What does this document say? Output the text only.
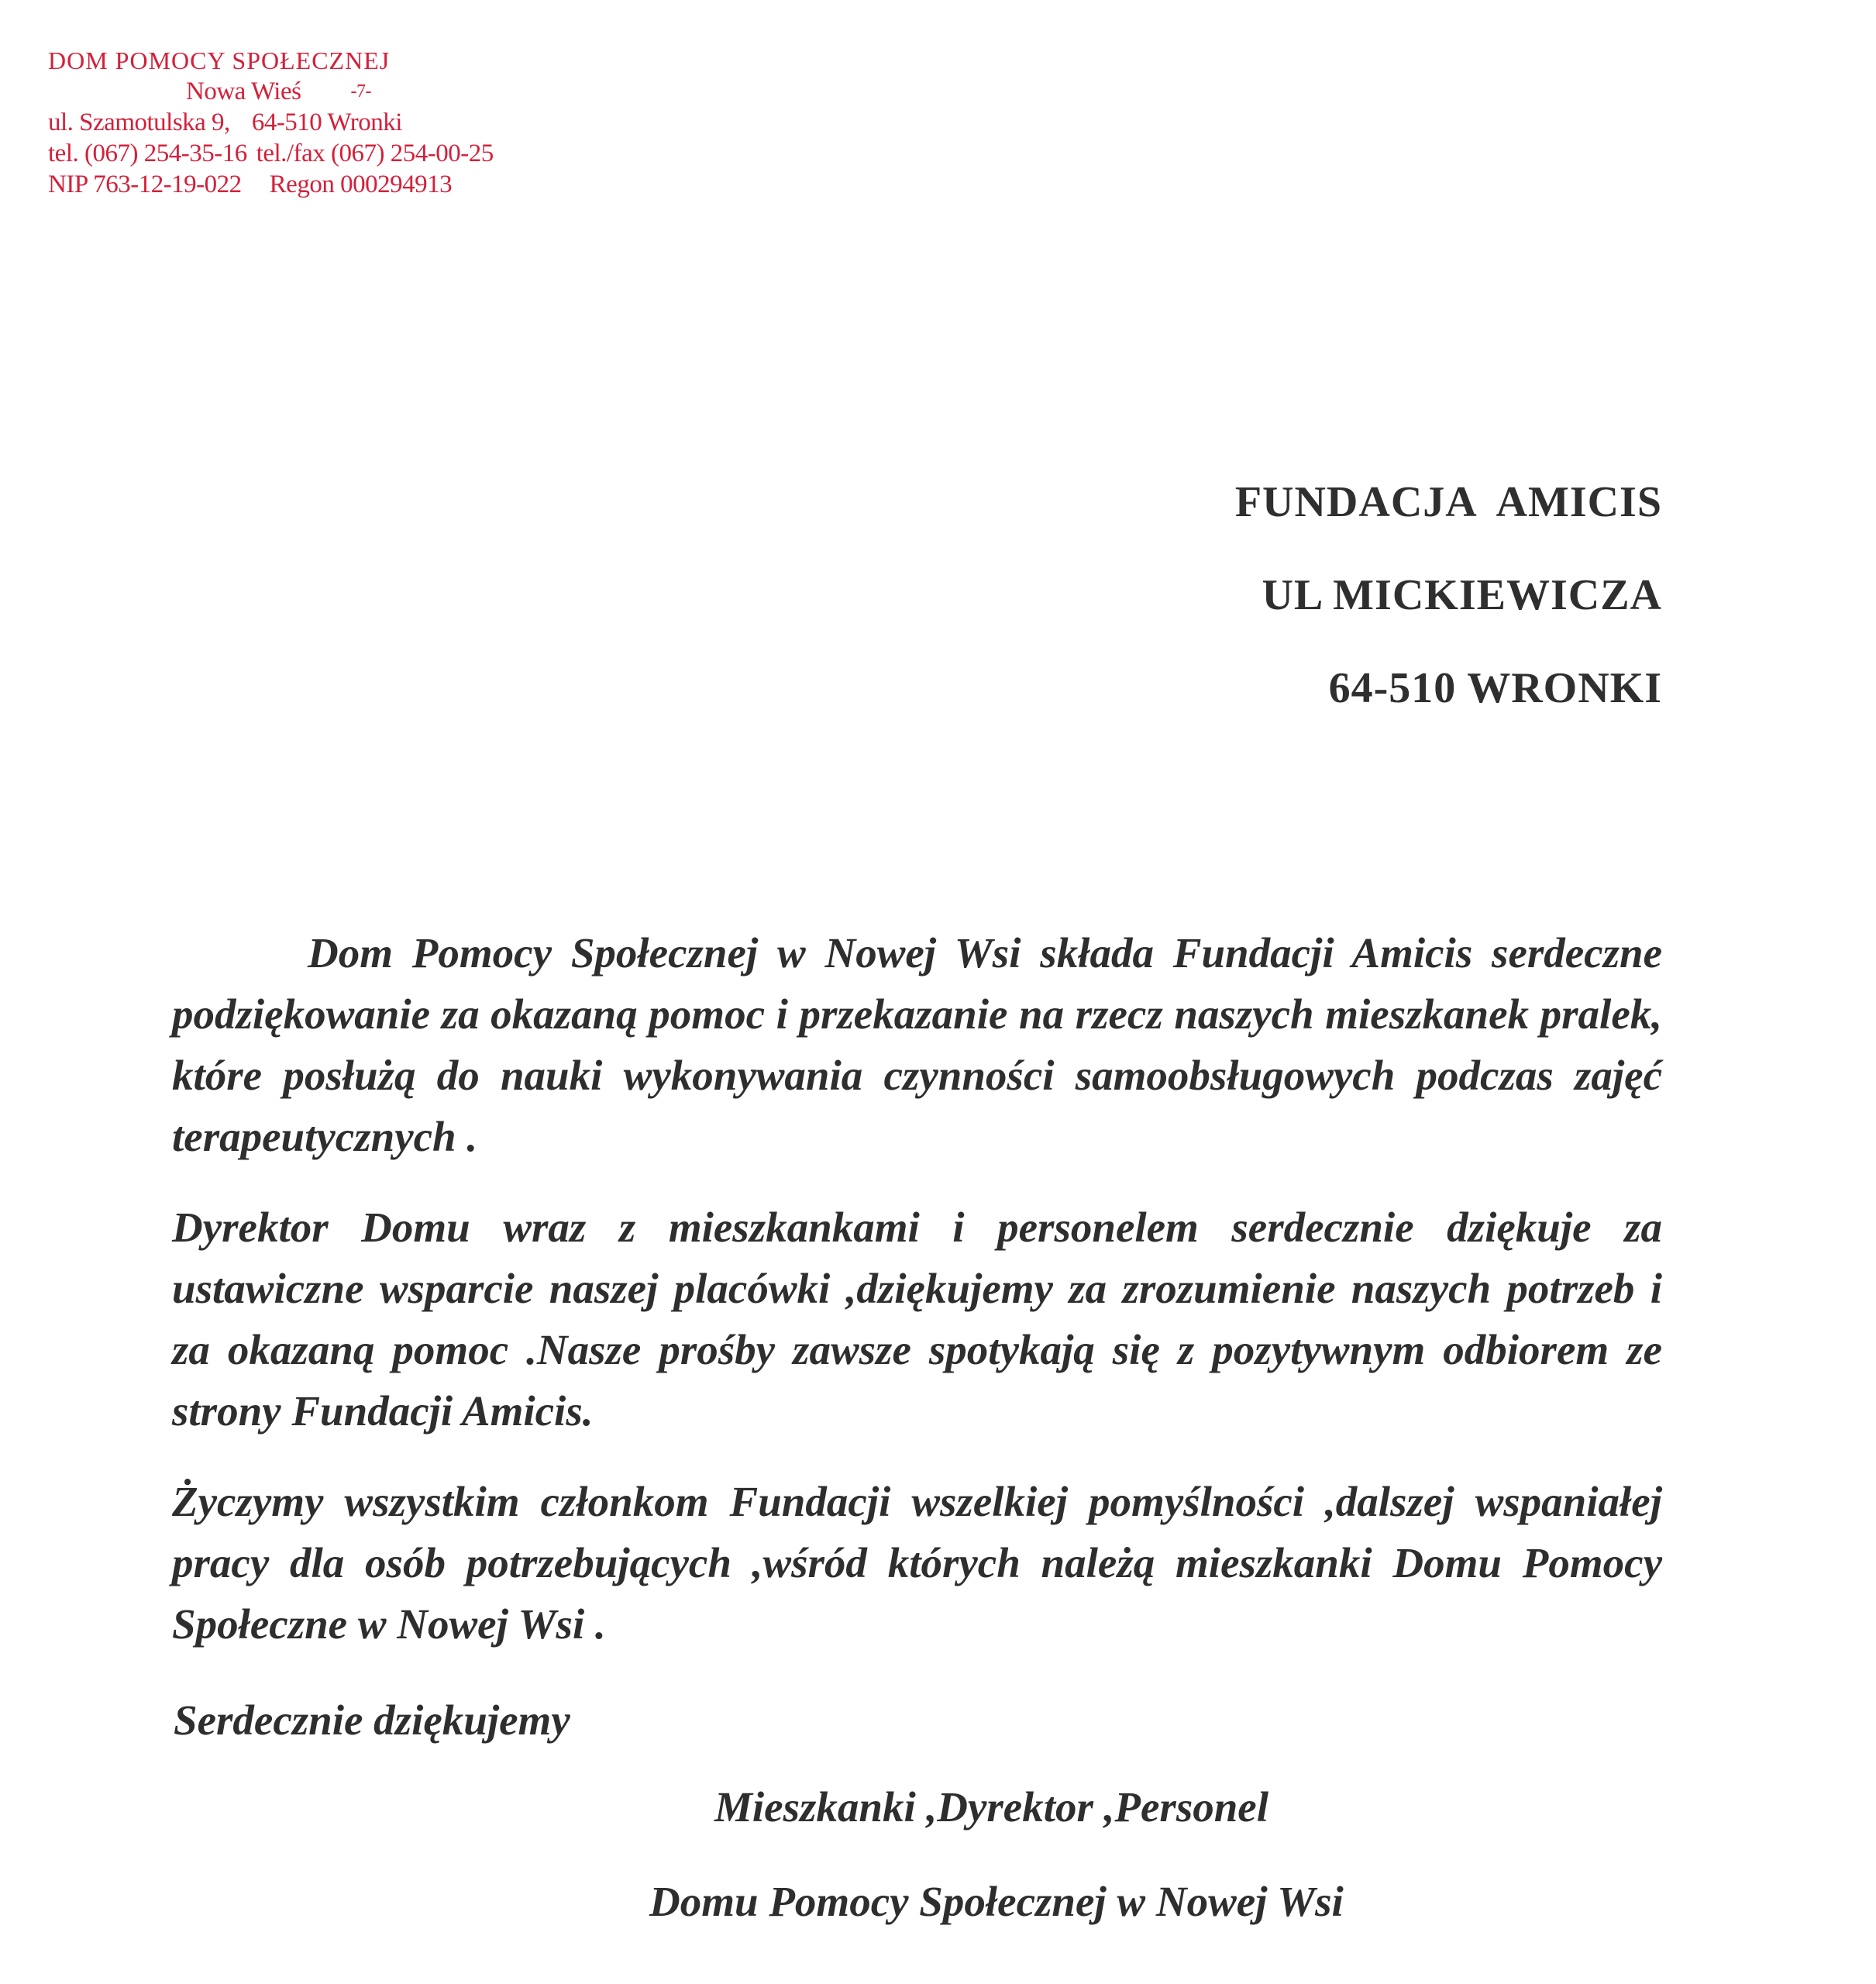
DOM POMOCY SPOŁECZNEJ
Nowa Wieś	-7-
ul. Szamotulska 9, 64-510 Wronki
tel. (067) 254-35-16 tel./fax (067) 254-00-25
NIP 763-12-19-022 Regon 000294913
FUNDACJA  AMICIS
UL MICKIEWICZA
64-510 WRONKI

Dom Pomocy Społecznej w Nowej Wsi składa Fundacji Amicis serdeczne podziękowanie za okazaną pomoc i przekazanie na rzecz naszych mieszkanek pralek, które posłużą do nauki wykonywania czynności samoobsługowych podczas zajęć terapeutycznych .

Dyrektor Domu wraz z mieszkankami i personelem serdecznie dziękuje za ustawiczne wsparcie naszej placówki ,dziękujemy za zrozumienie naszych potrzeb i za okazaną pomoc .Nasze prośby zawsze spotykają się z pozytywnym odbiorem ze strony Fundacji Amicis.

Życzymy wszystkim członkom Fundacji wszelkiej pomyślności ,dalszej wspaniałej pracy dla osób potrzebujących ,wśród których należą mieszkanki Domu Pomocy Społeczne w Nowej Wsi .

Serdecznie dziękujemy
Mieszkanki ,Dyrektor ,Personel
Domu Pomocy Społecznej w Nowej Wsi
